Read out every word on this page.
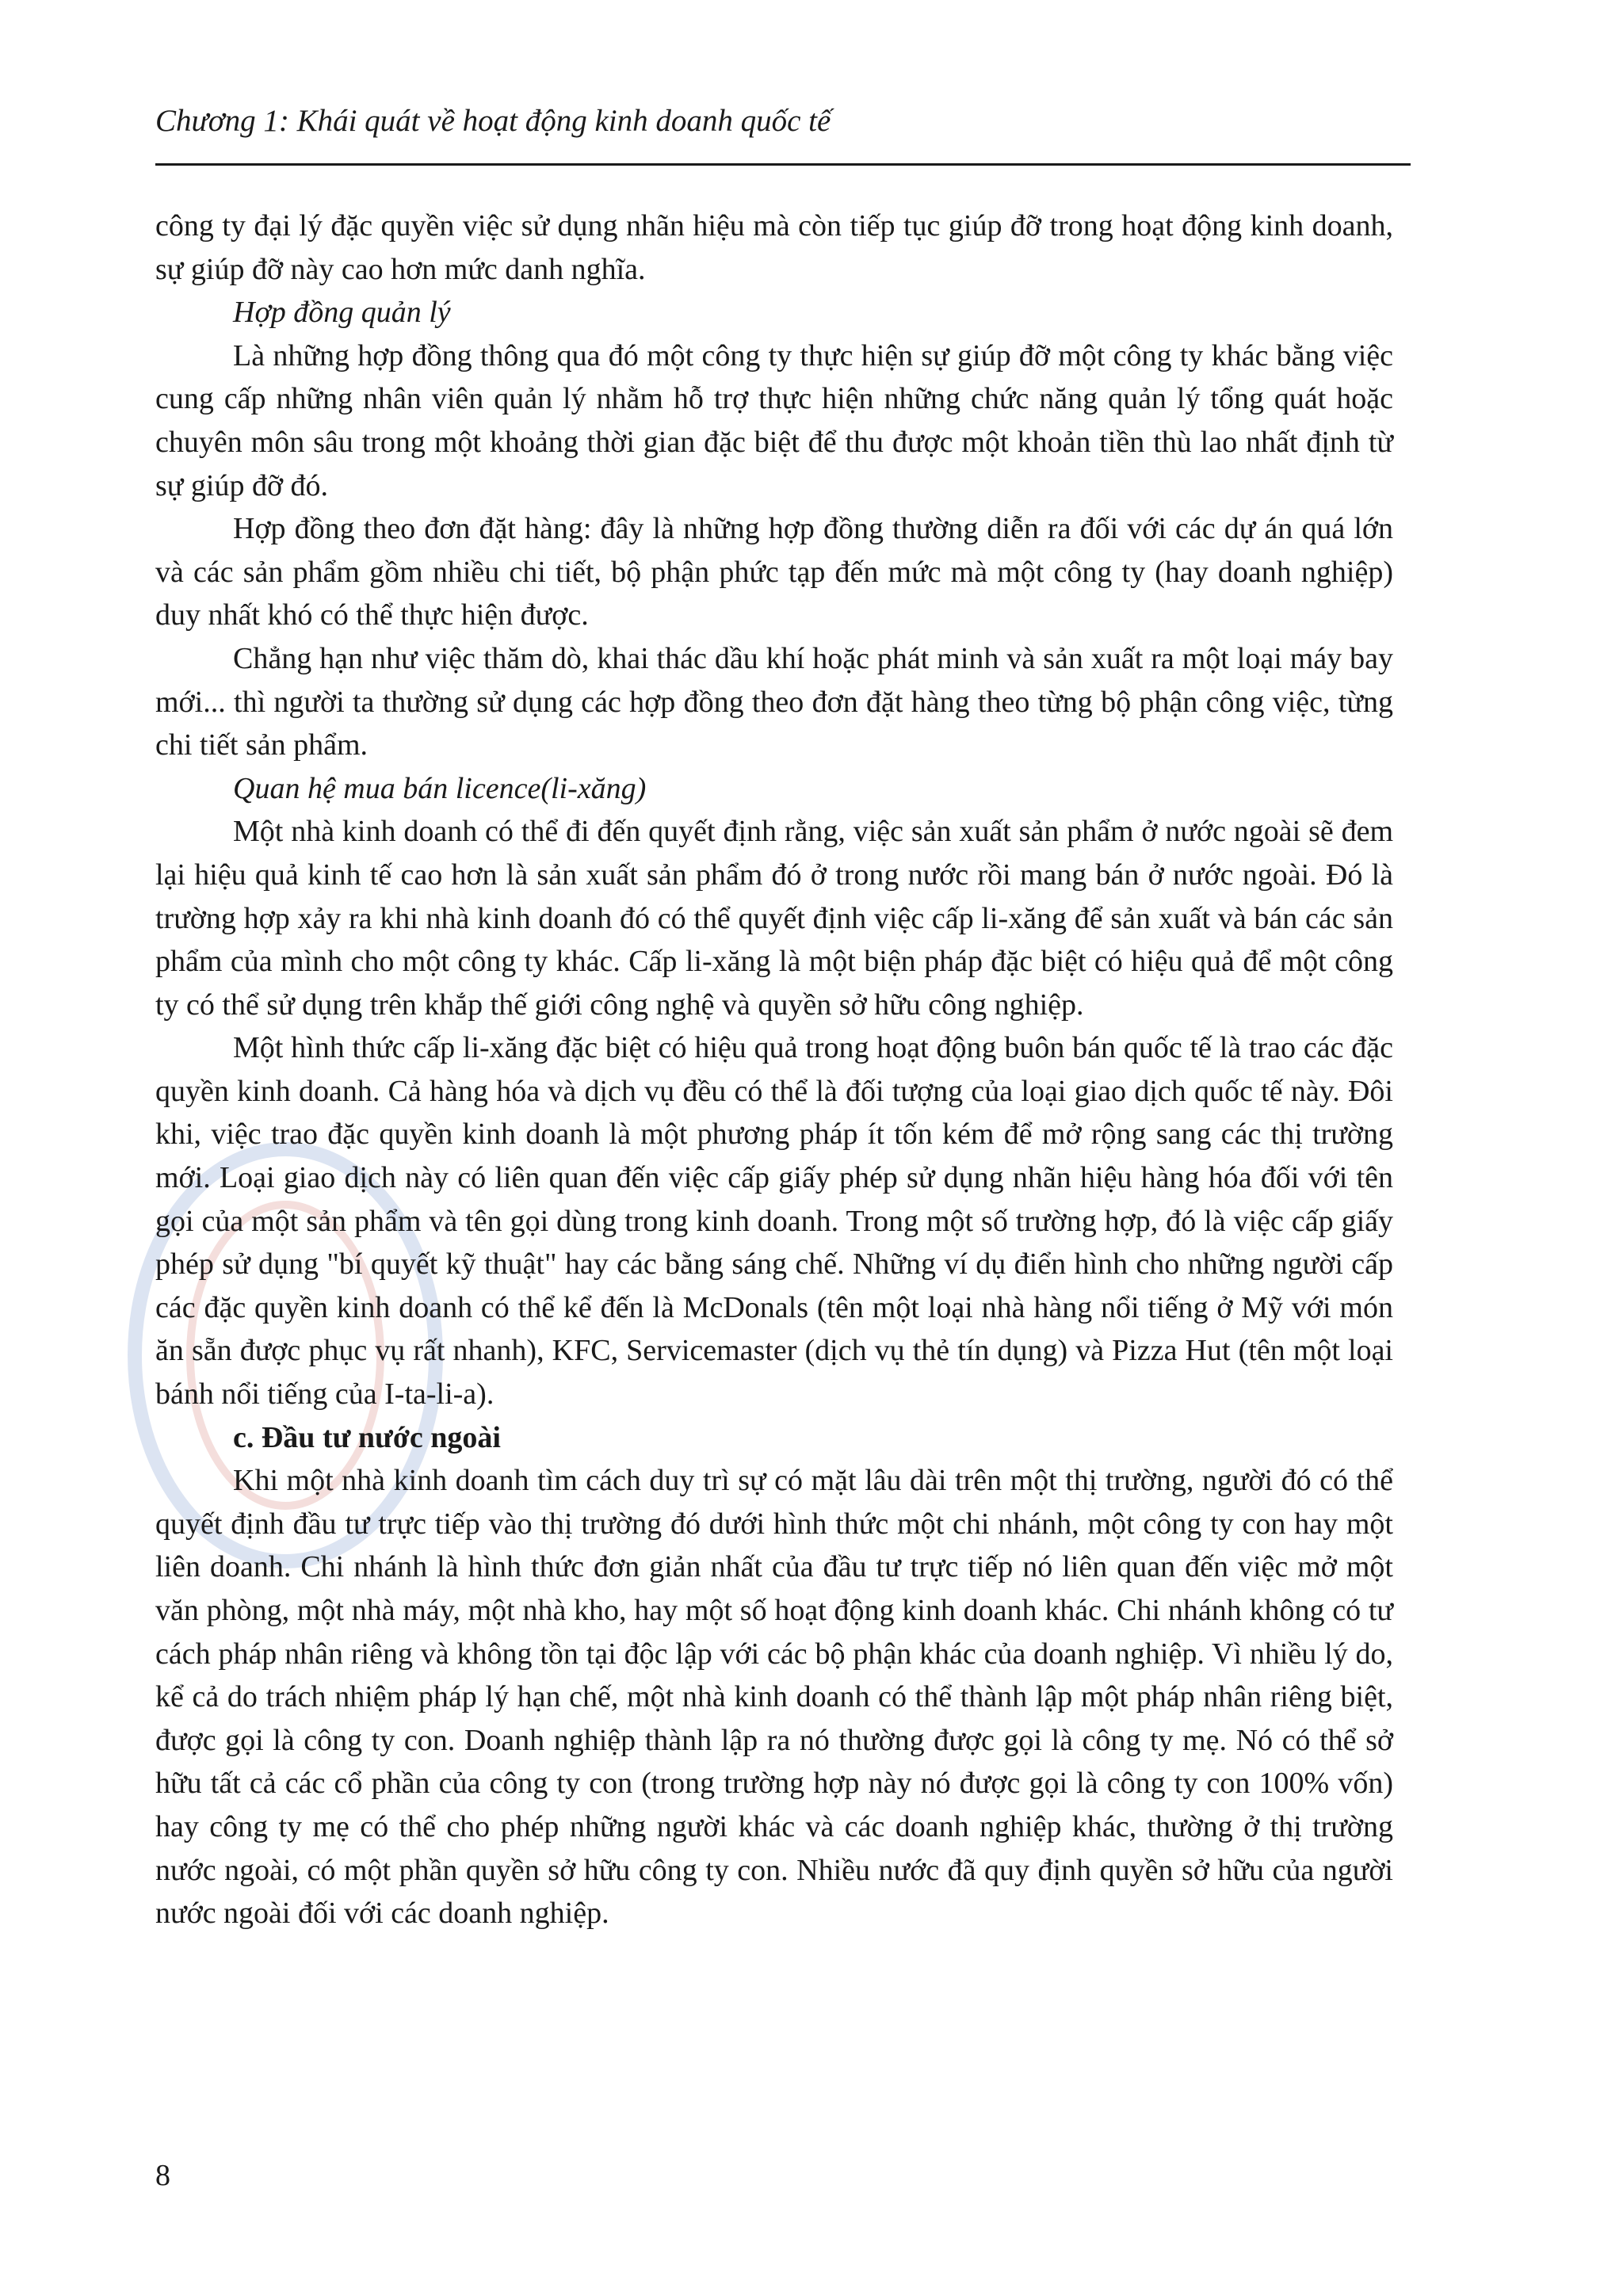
Chương 1: Khái quát về hoạt động kinh doanh quốc tế

công ty đại lý đặc quyền việc sử dụng nhãn hiệu mà còn tiếp tục giúp đỡ trong hoạt động kinh doanh, sự giúp đỡ này cao hơn mức danh nghĩa.

Hợp đồng quản lý

Là những hợp đồng thông qua đó một công ty thực hiện sự giúp đỡ một công ty khác bằng việc cung cấp những nhân viên quản lý nhằm hỗ trợ thực hiện những chức năng quản lý tổng quát hoặc chuyên môn sâu trong một khoảng thời gian đặc biệt để thu được một khoản tiền thù lao nhất định từ sự giúp đỡ đó.

Hợp đồng theo đơn đặt hàng: đây là những hợp đồng thường diễn ra đối với các dự án quá lớn và các sản phẩm gồm nhiều chi tiết, bộ phận phức tạp đến mức mà một công ty (hay doanh nghiệp) duy nhất khó có thể thực hiện được.

Chẳng hạn như việc thăm dò, khai thác dầu khí hoặc phát minh và sản xuất ra một loại máy bay mới... thì người ta thường sử dụng các hợp đồng theo đơn đặt hàng theo từng bộ phận công việc, từng chi tiết sản phẩm.

Quan hệ mua bán licence(li-xăng)

Một nhà kinh doanh có thể đi đến quyết định rằng, việc sản xuất sản phẩm ở nước ngoài sẽ đem lại hiệu quả kinh tế cao hơn là sản xuất sản phẩm đó ở trong nước rồi mang bán ở nước ngoài. Đó là trường hợp xảy ra khi nhà kinh doanh đó có thể quyết định việc cấp li-xăng để sản xuất và bán các sản phẩm của mình cho một công ty khác. Cấp li-xăng là một biện pháp đặc biệt có hiệu quả để một công ty có thể sử dụng trên khắp thế giới công nghệ và quyền sở hữu công nghiệp.

Một hình thức cấp li-xăng đặc biệt có hiệu quả trong hoạt động buôn bán quốc tế là trao các đặc quyền kinh doanh. Cả hàng hóa và dịch vụ đều có thể là đối tượng của loại giao dịch quốc tế này. Đôi khi, việc trao đặc quyền kinh doanh là một phương pháp ít tốn kém để mở rộng sang các thị trường mới. Loại giao dịch này có liên quan đến việc cấp giấy phép sử dụng nhãn hiệu hàng hóa đối với tên gọi của một sản phẩm và tên gọi dùng trong kinh doanh. Trong một số trường hợp, đó là việc cấp giấy phép sử dụng "bí quyết kỹ thuật" hay các bằng sáng chế. Những ví dụ điển hình cho những người cấp các đặc quyền kinh doanh có thể kể đến là McDonals (tên một loại nhà hàng nổi tiếng ở Mỹ với món ăn sẵn được phục vụ rất nhanh), KFC, Servicemaster (dịch vụ thẻ tín dụng) và Pizza Hut (tên một loại bánh nổi tiếng của I-ta-li-a).

c. Đầu tư nước ngoài

Khi một nhà kinh doanh tìm cách duy trì sự có mặt lâu dài trên một thị trường, người đó có thể quyết định đầu tư trực tiếp vào thị trường đó dưới hình thức một chi nhánh, một công ty con hay một liên doanh. Chi nhánh là hình thức đơn giản nhất của đầu tư trực tiếp nó liên quan đến việc mở một văn phòng, một nhà máy, một nhà kho, hay một số hoạt động kinh doanh khác. Chi nhánh không có tư cách pháp nhân riêng và không tồn tại độc lập với các bộ phận khác của doanh nghiệp. Vì nhiều lý do, kể cả do trách nhiệm pháp lý hạn chế, một nhà kinh doanh có thể thành lập một pháp nhân riêng biệt, được gọi là công ty con. Doanh nghiệp thành lập ra nó thường được gọi là công ty mẹ. Nó có thể sở hữu tất cả các cổ phần của công ty con (trong trường hợp này nó được gọi là công ty con 100% vốn) hay công ty mẹ có thể cho phép những người khác và các doanh nghiệp khác, thường ở thị trường nước ngoài, có một phần quyền sở hữu công ty con. Nhiều nước đã quy định quyền sở hữu của người nước ngoài đối với các doanh nghiệp.

8
